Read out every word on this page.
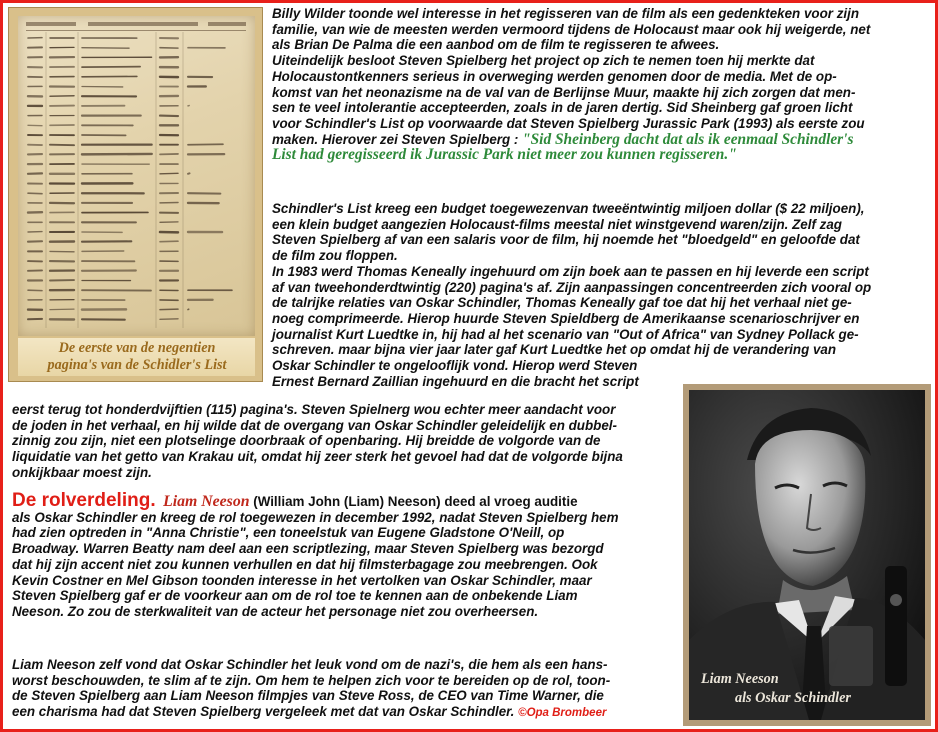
De eerste van de negentien
pagina's van de Schidler's List

Billy Wilder toonde wel interesse in het regisseren van de film als een gedenkteken voor zijn
familie, van wie de meesten werden vermoord tijdens de Holocaust maar ook hij weigerde, net
als Brian De Palma die een aanbod om de film te regisseren te afwees.
Uiteindelijk besloot Steven Spielberg het project op zich te nemen toen hij merkte dat
Holocaustontkenners serieus in overweging werden genomen door de media. Met de op-
komst van het neonazisme na de val van de Berlijnse Muur, maakte hij zich zorgen dat men-
sen te veel intolerantie accepteerden, zoals in de jaren dertig. Sid Sheinberg gaf groen licht
voor Schindler's List op voorwaarde dat Steven Spielberg Jurassic Park (1993) als eerste zou
maken. Hierover zei Steven Spielberg : "Sid Sheinberg dacht dat als ik eenmaal Schindler's
List had geregisseerd ik Jurassic Park niet meer zou kunnen regisseren."

Schindler's List kreeg een budget toegewezenvan tweeëntwintig miljoen dollar ($ 22 miljoen),
een klein budget aangezien Holocaust-films meestal niet winstgevend waren/zijn. Zelf zag
Steven Spielberg af van een salaris voor de film, hij noemde het "bloedgeld" en geloofde dat
de film zou floppen.
In 1983 werd Thomas Keneally ingehuurd om zijn boek aan te passen en hij leverde een script
af van tweehonderdtwintig (220) pagina's af. Zijn aanpassingen concentreerden zich vooral op
de talrijke relaties van Oskar Schindler, Thomas Keneally gaf toe dat hij het verhaal niet ge-
noeg comprimeerde. Hierop huurde Steven Spieldberg de Amerikaanse scenarioschrijver en
journalist Kurt Luedtke in, hij had al het scenario van "Out of Africa" van Sydney Pollack ge-
schreven. maar bijna vier jaar later gaf Kurt Luedtke het op omdat hij de verandering van
Oskar Schindler te ongelooflijk vond. Hierop werd Steven
Ernest Bernard Zaillian ingehuurd en die bracht het script

eerst terug tot honderdvijftien (115) pagina's. Steven Spielnerg wou echter meer aandacht voor
de joden in het verhaal, en hij wilde dat de overgang van Oskar Schindler geleidelijk en dubbel-
zinnig zou zijn, niet een plotselinge doorbraak of openbaring. Hij breidde de volgorde van de
liquidatie van het getto van Krakau uit, omdat hij zeer sterk het gevoel had dat de volgorde bijna
onkijkbaar moest zijn.

De rolverdeling. Liam Neeson (William John (Liam) Neeson) deed al vroeg auditie
als Oskar Schindler en kreeg de rol toegewezen in december 1992, nadat Steven Spielberg hem
had zien optreden in "Anna Christie", een toneelstuk van Eugene Gladstone O'Neill, op
Broadway. Warren Beatty nam deel aan een scriptlezing, maar Steven Spielberg was bezorgd
dat hij zijn accent niet zou kunnen verhullen en dat hij filmsterbagage zou meebrengen. Ook
Kevin Costner en Mel Gibson toonden interesse in het vertolken van Oskar Schindler, maar
Steven Spielberg gaf er de voorkeur aan om de rol toe te kennen aan de onbekende Liam
Neeson. Zo zou de sterkwaliteit van de acteur het personage niet zou overheersen.

Liam Neeson zelf vond dat Oskar Schindler het leuk vond om de nazi's, die hem als een hans-
worst beschouwden, te slim af te zijn. Om hem te helpen zich voor te bereiden op de rol, toon-
de Steven Spielberg aan Liam Neeson filmpjes van Steve Ross, de CEO van Time Warner, die
een charisma had dat Steven Spielberg vergeleek met dat van Oskar Schindler. ©Opa Brombeer

Liam Neeson
als Oskar Schindler
